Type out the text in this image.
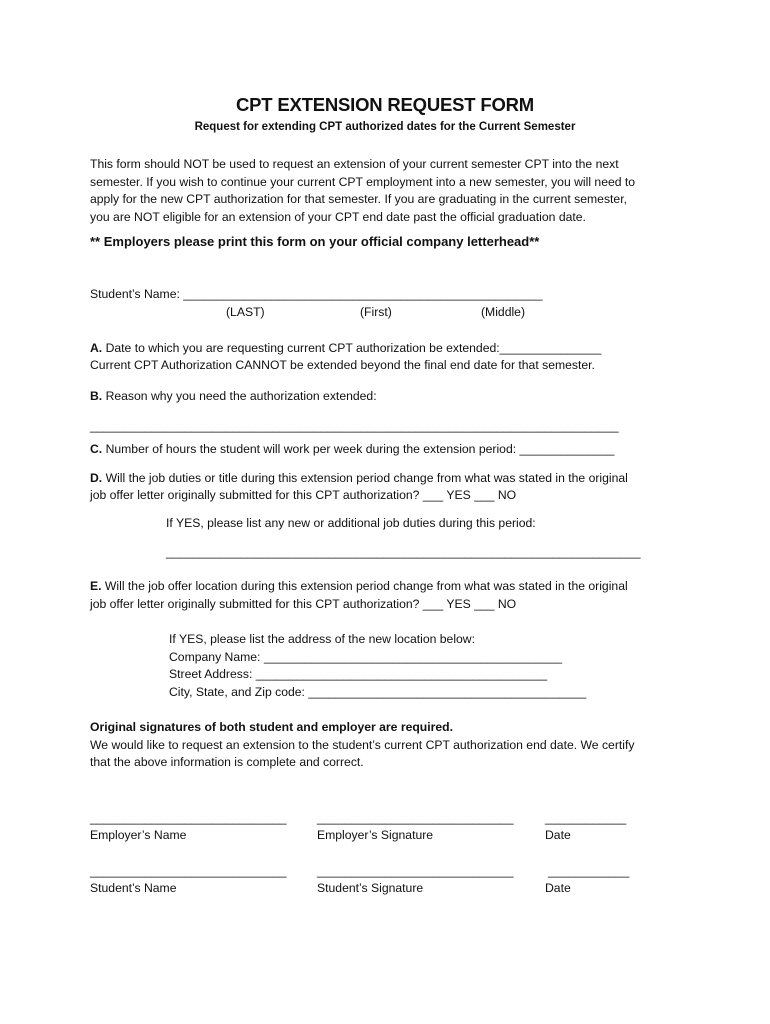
CPT EXTENSION REQUEST FORM
Request for extending CPT authorized dates for the Current Semester
This form should NOT be used to request an extension of your current semester CPT into the next
semester. If you wish to continue your current CPT employment into a new semester, you will need to
apply for the new CPT authorization for that semester. If you are graduating in the current semester,
you are NOT eligible for an extension of your CPT end date past the official graduation date.
** Employers please print this form on your official company letterhead**
Student’s Name: _____________________________________________________
(LAST)	(First)	(Middle)
A. Date to which you are requesting current CPT authorization be extended:_______________
Current CPT Authorization CANNOT be extended beyond the final end date for that semester.
B. Reason why you need the authorization extended:
______________________________________________________________________________
C. Number of hours the student will work per week during the extension period: ______________
D. Will the job duties or title during this extension period change from what was stated in the original
job offer letter originally submitted for this CPT authorization? ___ YES ___ NO
If YES, please list any new or additional job duties during this period:
______________________________________________________________________
E. Will the job offer location during this extension period change from what was stated in the original
job offer letter originally submitted for this CPT authorization? ___ YES ___ NO
If YES, please list the address of the new location below:
Company Name: ____________________________________________
Street Address: ___________________________________________
City, State, and Zip code: _________________________________________
Original signatures of both student and employer are required.
We would like to request an extension to the student’s current CPT authorization end date. We certify
that the above information is complete and correct.
_____________________________ _____________________________	____________
Employer’s Name	Employer’s Signature	Date
_____________________________ _____________________________	____________
Student’s Name	Student’s Signature	Date
